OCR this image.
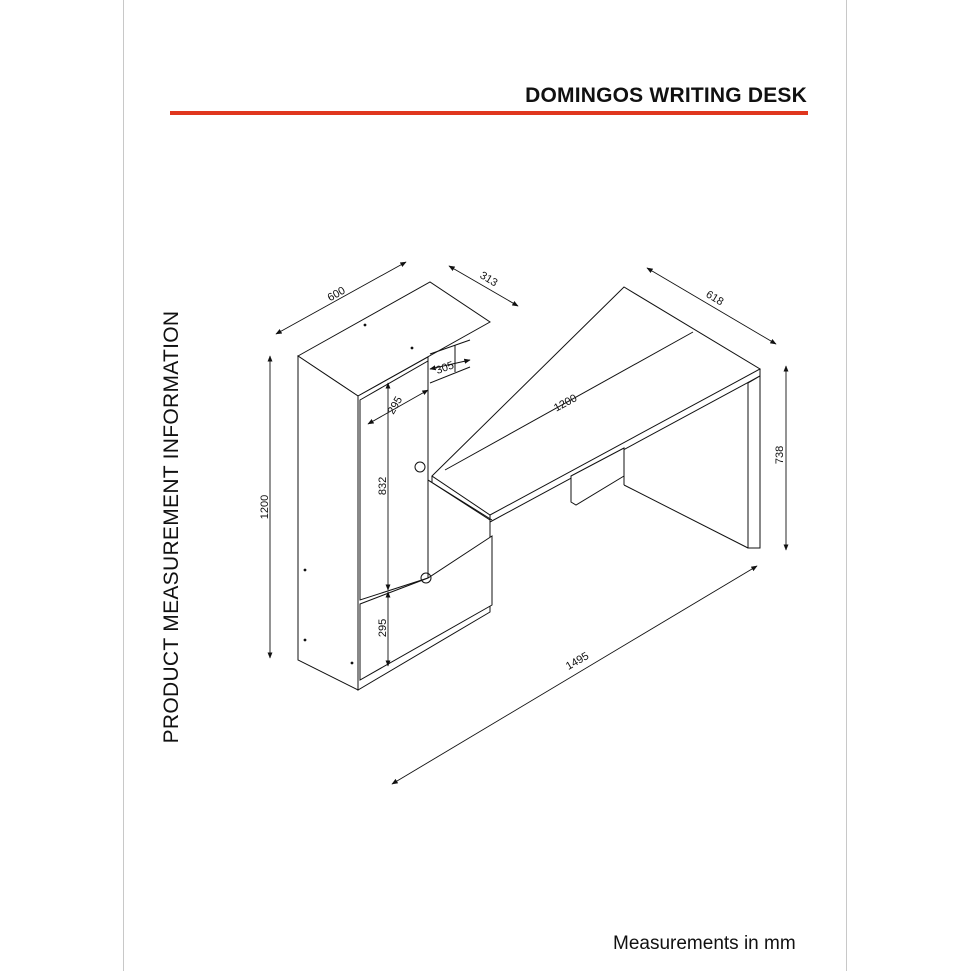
DOMINGOS WRITING DESK
PRODUCT MEASUREMENT INFORMATION
600
313
618
1200
738
1200
305
295
832
295
1495
Measurements in mm
